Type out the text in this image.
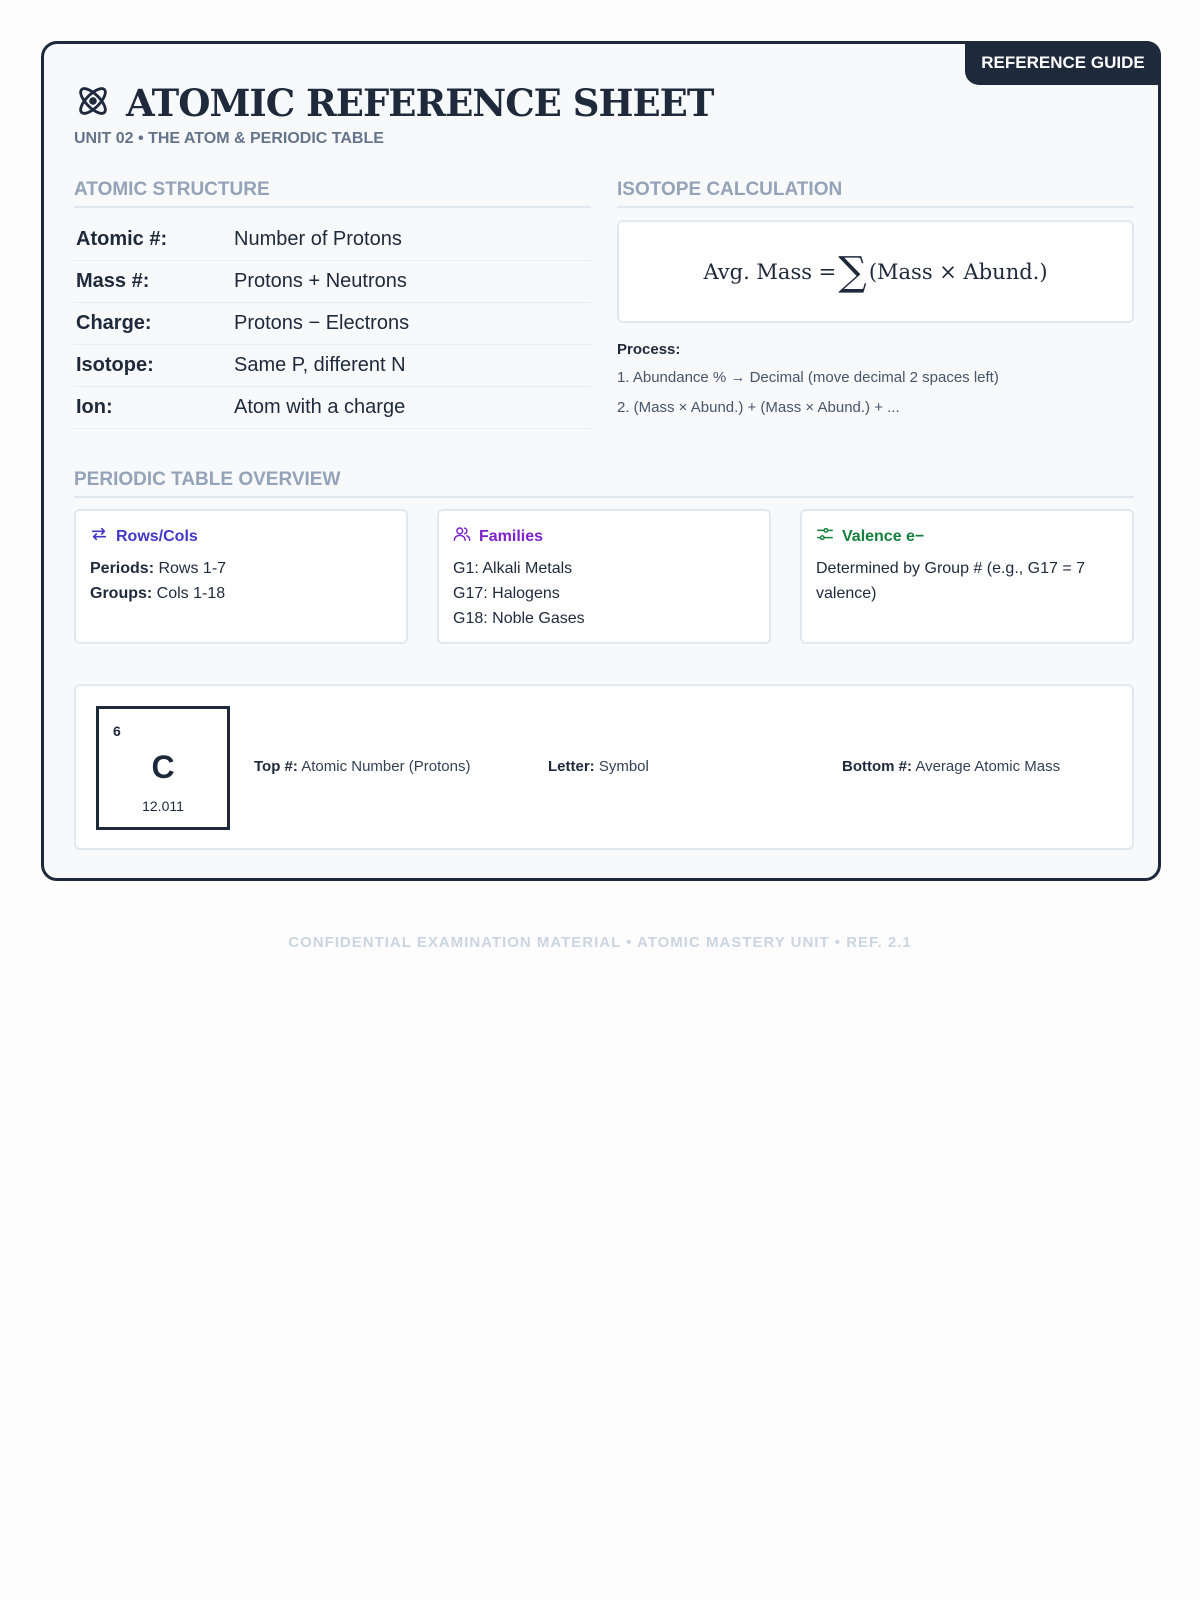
REFERENCE GUIDE
ATOMIC REFERENCE SHEET
UNIT 02 • THE ATOM & PERIODIC TABLE
ATOMIC STRUCTURE
Atomic #:	Number of Protons
Mass #:	Protons + Neutrons
Charge:	Protons − Electrons
Isotope:	Same P, different N
Ion:	Atom with a charge
ISOTOPE CALCULATION
Avg. Mass = ∑ (Mass × Abund.)
Process:
1. Abundance % → Decimal (move decimal 2 spaces left)
2. (Mass × Abund.) + (Mass × Abund.) + ...
PERIODIC TABLE OVERVIEW
Rows/Cols
Periods: Rows 1-7
Groups: Cols 1-18
Families
G1: Alkali Metals
G17: Halogens
G18: Noble Gases
Valence e−
Determined by Group # (e.g., G17 = 7 valence)
6
C
12.011
Top #: Atomic Number (Protons)	Letter: Symbol	Bottom #: Average Atomic Mass
CONFIDENTIAL EXAMINATION MATERIAL • ATOMIC MASTERY UNIT • REF. 2.1
